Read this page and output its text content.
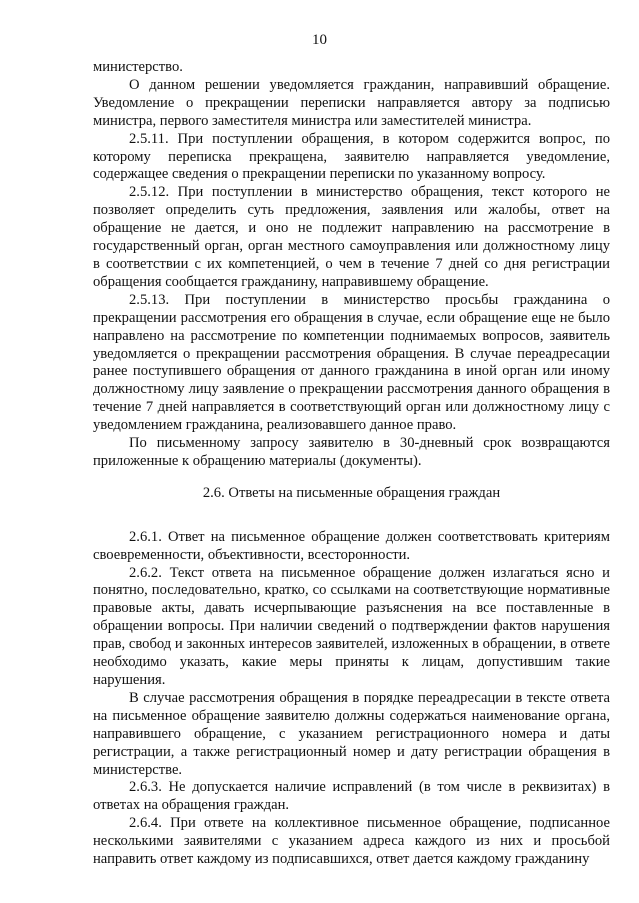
10

министерство.

О данном решении уведомляется гражданин, направивший обращение. Уведомление о прекращении переписки направляется автору за подписью министра, первого заместителя министра или заместителей министра.

2.5.11. При поступлении обращения, в котором содержится вопрос, по которому переписка прекращена, заявителю направляется уведомление, содержащее сведения о прекращении переписки по указанному вопросу.

2.5.12. При поступлении в министерство обращения, текст которого не позволяет определить суть предложения, заявления или жалобы, ответ на обращение не дается, и оно не подлежит направлению на рассмотрение в государственный орган, орган местного самоуправления или должностному лицу в соответствии с их компетенцией, о чем в течение 7 дней со дня регистрации обращения сообщается гражданину, направившему обращение.

2.5.13. При поступлении в министерство просьбы гражданина о прекращении рассмотрения его обращения в случае, если обращение еще не было направлено на рассмотрение по компетенции поднимаемых вопросов, заявитель уведомляется о прекращении рассмотрения обращения. В случае переадресации ранее поступившего обращения от данного гражданина в иной орган или иному должностному лицу заявление о прекращении рассмотрения данного обращения в течение 7 дней направляется в соответствующий орган или должностному лицу с уведомлением гражданина, реализовавшего данное право.

По письменному запросу заявителю в 30-дневный срок возвращаются приложенные к обращению материалы (документы).

2.6. Ответы на письменные обращения граждан

2.6.1. Ответ на письменное обращение должен соответствовать критериям своевременности, объективности, всесторонности.

2.6.2. Текст ответа на письменное обращение должен излагаться ясно и понятно, последовательно, кратко, со ссылками на соответствующие нормативные правовые акты, давать исчерпывающие разъяснения на все поставленные в обращении вопросы. При наличии сведений о подтверждении фактов нарушения прав, свобод и законных интересов заявителей, изложенных в обращении, в ответе необходимо указать, какие меры приняты к лицам, допустившим такие нарушения.

В случае рассмотрения обращения в порядке переадресации в тексте ответа на письменное обращение заявителю должны содержаться наименование органа, направившего обращение, с указанием регистрационного номера и даты регистрации, а также регистрационный номер и дату регистрации обращения в министерстве.

2.6.3. Не допускается наличие исправлений (в том числе в реквизитах) в ответах на обращения граждан.

2.6.4. При ответе на коллективное письменное обращение, подписанное несколькими заявителями с указанием адреса каждого из них и просьбой направить ответ каждому из подписавшихся, ответ дается каждому гражданину
